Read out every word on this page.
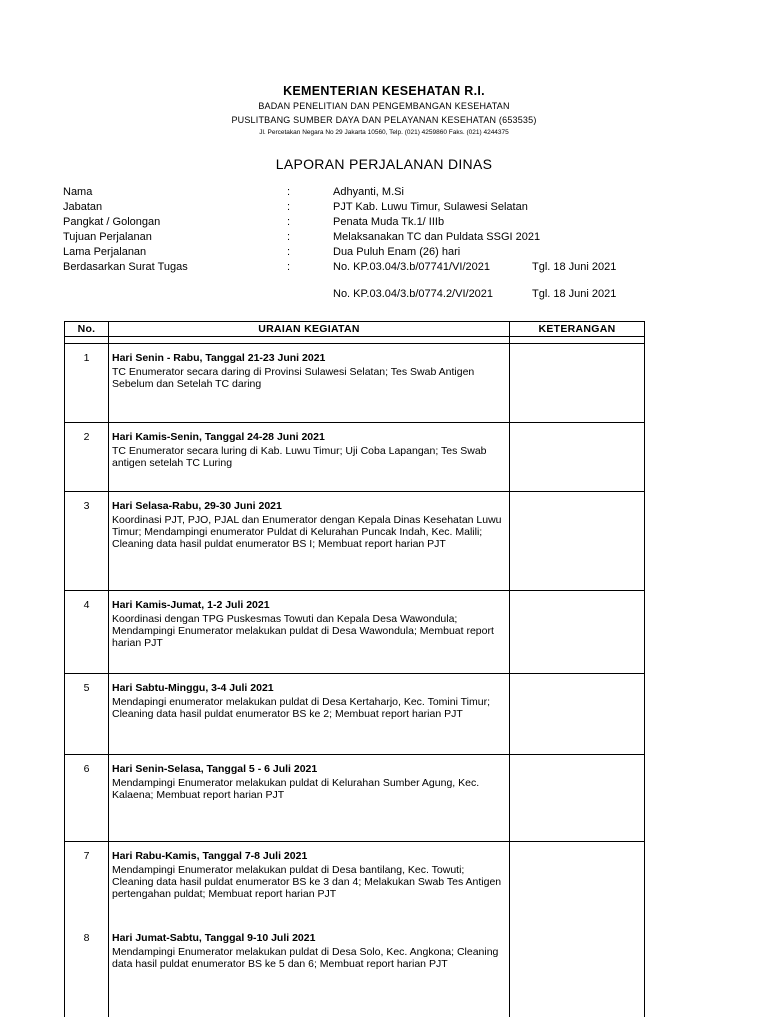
KEMENTERIAN KESEHATAN R.I.
BADAN PENELITIAN DAN PENGEMBANGAN KESEHATAN
PUSLITBANG SUMBER DAYA DAN PELAYANAN KESEHATAN (653535)
Jl. Percetakan Negara No 29 Jakarta 10560, Telp. (021) 4259860 Faks. (021) 4244375
LAPORAN PERJALANAN DINAS
Nama	:	Adhyanti, M.Si
Jabatan	:	PJT Kab. Luwu Timur, Sulawesi Selatan
Pangkat / Golongan	:	Penata Muda Tk.1/ IIIb
Tujuan Perjalanan	:	Melaksanakan TC dan Puldata SSGI 2021
Lama Perjalanan	:	Dua Puluh Enam (26) hari
Berdasarkan Surat Tugas	:	No. KP.03.04/3.b/07741/VI/2021	Tgl. 18 Juni 2021
No. KP.03.04/3.b/0774.2/VI/2021	Tgl. 18 Juni 2021
No.	URAIAN KEGIATAN	KETERANGAN

1	Hari Senin - Rabu, Tanggal 21-23 Juni 2021
TC Enumerator secara daring di Provinsi Sulawesi Selatan; Tes Swab Antigen Sebelum dan Setelah TC daring	

2	Hari Kamis-Senin, Tanggal 24-28 Juni 2021
TC Enumerator secara luring di Kab. Luwu Timur; Uji Coba Lapangan; Tes Swab antigen setelah TC Luring	

3	Hari Selasa-Rabu, 29-30 Juni 2021
Koordinasi PJT, PJO, PJAL dan Enumerator dengan Kepala Dinas Kesehatan Luwu Timur; Mendampingi enumerator Puldat di Kelurahan Puncak Indah, Kec. Malili; Cleaning data hasil puldat enumerator BS I; Membuat report harian PJT	

4	Hari Kamis-Jumat, 1-2 Juli 2021
Koordinasi dengan TPG Puskesmas Towuti dan Kepala Desa Wawondula; Mendampingi Enumerator melakukan puldat di Desa Wawondula; Membuat report harian PJT	

5	Hari Sabtu-Minggu, 3-4 Juli 2021
Mendapingi enumerator melakukan puldat di Desa Kertaharjo, Kec. Tomini Timur; Cleaning data hasil puldat enumerator BS ke 2; Membuat report harian PJT	

6	Hari Senin-Selasa, Tanggal 5 - 6 Juli 2021
Mendampingi Enumerator melakukan puldat di Kelurahan Sumber Agung, Kec. Kalaena; Membuat report harian PJT	

7	Hari Rabu-Kamis, Tanggal 7-8 Juli 2021
Mendampingi Enumerator melakukan puldat di Desa bantilang, Kec. Towuti; Cleaning data hasil puldat enumerator BS ke 3 dan 4; Melakukan Swab Tes Antigen pertengahan puldat; Membuat report harian PJT	

8	Hari Jumat-Sabtu, Tanggal 9-10 Juli 2021
Mendampingi Enumerator melakukan puldat di Desa Solo, Kec. Angkona; Cleaning data hasil puldat enumerator BS ke 5 dan 6; Membuat report harian PJT	
